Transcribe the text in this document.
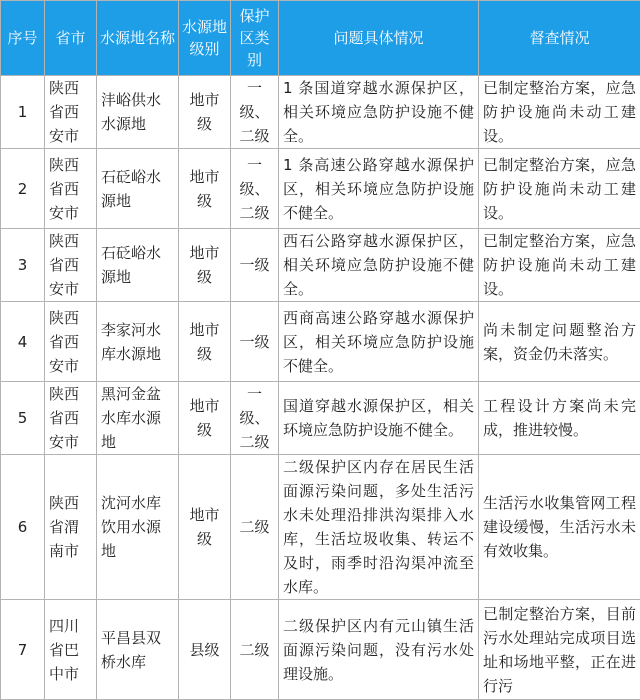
序号	省市	水源地名称	水源地级别	保护区类别	问题具体情况	督查情况
1	陕西省西安市	沣峪供水水源地	地市级	一级、二级	1 条国道穿越水源保护区，相关环境应急防护设施不健全。	已制定整治方案，应急防护设施尚未动工建设。
2	陕西省西安市	石砭峪水源地	地市级	一级、二级	1 条高速公路穿越水源保护区，相关环境应急防护设施不健全。	已制定整治方案，应急防护设施尚未动工建设。
3	陕西省西安市	石砭峪水源地	地市级	一级	西石公路穿越水源保护区，相关环境应急防护设施不健全。	已制定整治方案，应急防护设施尚未动工建设。
4	陕西省西安市	李家河水库水源地	地市级	一级	西商高速公路穿越水源保护区，相关环境应急防护设施不健全。	尚未制定问题整治方案，资金仍未落实。
5	陕西省西安市	黑河金盆水库水源地	地市级	一级、二级	国道穿越水源保护区，相关环境应急防护设施不健全。	工程设计方案尚未完成，推进较慢。
6	陕西省渭南市	沈河水库饮用水源地	地市级	二级	二级保护区内存在居民生活面源污染问题，多处生活污水未处理沿排洪沟渠排入水库，生活垃圾收集、转运不及时，雨季时沿沟渠冲流至水库。	生活污水收集管网工程建设缓慢，生活污水未有效收集。
7	四川省巴中市	平昌县双桥水库	县级	二级	二级保护区内有元山镇生活面源污染问题，没有污水处理设施。	已制定整治方案，目前污水处理站完成项目选址和场地平整，正在进行污
